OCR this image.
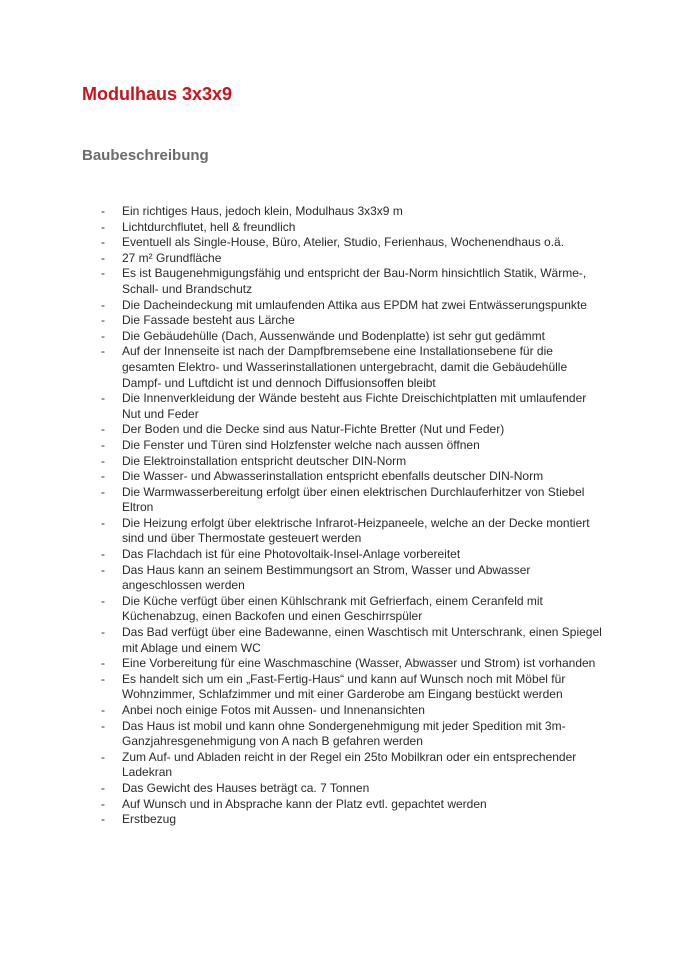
Modulhaus 3x3x9
Baubeschreibung
- Ein richtiges Haus, jedoch klein, Modulhaus 3x3x9 m
- Lichtdurchflutet, hell & freundlich
- Eventuell als Single-House, Büro, Atelier, Studio, Ferienhaus, Wochenendhaus o.ä.
- 27 m² Grundfläche
- Es ist Baugenehmigungsfähig und entspricht der Bau-Norm hinsichtlich Statik, Wärme-, Schall- und Brandschutz
- Die Dacheindeckung mit umlaufenden Attika aus EPDM hat zwei Entwässerungspunkte
- Die Fassade besteht aus Lärche
- Die Gebäudehülle (Dach, Aussenwände und Bodenplatte) ist sehr gut gedämmt
- Auf der Innenseite ist nach der Dampfbremsebene eine Installationsebene für die gesamten Elektro- und Wasserinstallationen untergebracht, damit die Gebäudehülle Dampf- und Luftdicht ist und dennoch Diffusionsoffen bleibt
- Die Innenverkleidung der Wände besteht aus Fichte Dreischichtplatten mit umlaufender Nut und Feder
- Der Boden und die Decke sind aus Natur-Fichte Bretter (Nut und Feder)
- Die Fenster und Türen sind Holzfenster welche nach aussen öffnen
- Die Elektroinstallation entspricht deutscher DIN-Norm
- Die Wasser- und Abwasserinstallation entspricht ebenfalls deutscher DIN-Norm
- Die Warmwasserbereitung erfolgt über einen elektrischen Durchlauferhitzer von Stiebel Eltron
- Die Heizung erfolgt über elektrische Infrarot-Heizpaneele, welche an der Decke montiert sind und über Thermostate gesteuert werden
- Das Flachdach ist für eine Photovoltaik-Insel-Anlage vorbereitet
- Das Haus kann an seinem Bestimmungsort an Strom, Wasser und Abwasser angeschlossen werden
- Die Küche verfügt über einen Kühlschrank mit Gefrierfach, einem Ceranfeld mit Küchenabzug, einen Backofen und einen Geschirrspüler
- Das Bad verfügt über eine Badewanne, einen Waschtisch mit Unterschrank, einen Spiegel mit Ablage und einem WC
- Eine Vorbereitung für eine Waschmaschine (Wasser, Abwasser und Strom) ist vorhanden
- Es handelt sich um ein „Fast-Fertig-Haus“ und kann auf Wunsch noch mit Möbel für Wohnzimmer, Schlafzimmer und mit einer Garderobe am Eingang bestückt werden
- Anbei noch einige Fotos mit Aussen- und Innenansichten
- Das Haus ist mobil und kann ohne Sondergenehmigung mit jeder Spedition mit 3m-Ganzjahresgenehmigung von A nach B gefahren werden
- Zum Auf- und Abladen reicht in der Regel ein 25to Mobilkran oder ein entsprechender Ladekran
- Das Gewicht des Hauses beträgt ca. 7 Tonnen
- Auf Wunsch und in Absprache kann der Platz evtl. gepachtet werden
- Erstbezug
